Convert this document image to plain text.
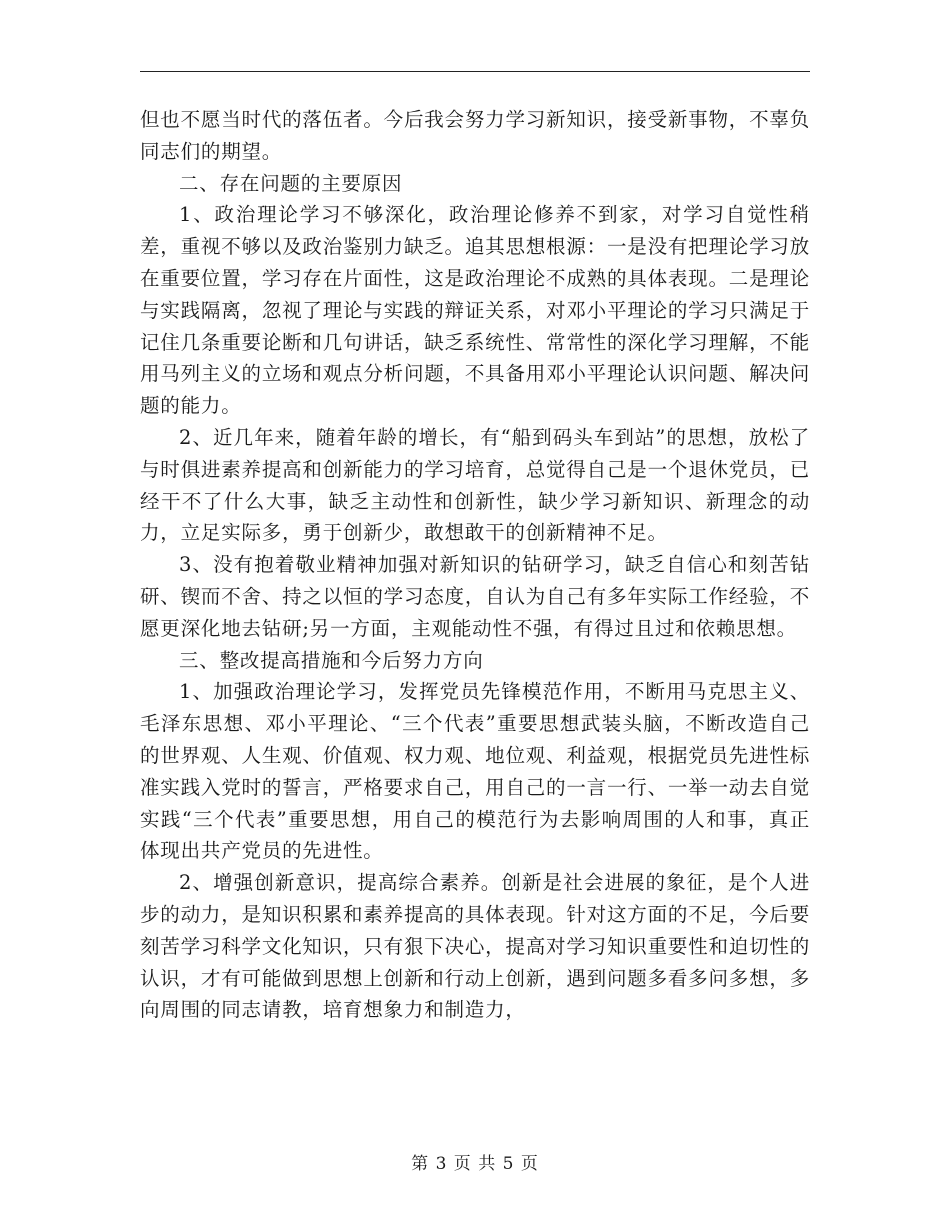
但也不愿当时代的落伍者。今后我会努力学习新知识，接受新事物，不辜负同志们的期望。

二、存在问题的主要原因

1、政治理论学习不够深化，政治理论修养不到家，对学习自觉性稍差，重视不够以及政治鉴别力缺乏。追其思想根源：一是没有把理论学习放在重要位置，学习存在片面性，这是政治理论不成熟的具体表现。二是理论与实践隔离，忽视了理论与实践的辩证关系，对邓小平理论的学习只满足于记住几条重要论断和几句讲话，缺乏系统性、常常性的深化学习理解，不能用马列主义的立场和观点分析问题，不具备用邓小平理论认识问题、解决问题的能力。

2、近几年来，随着年龄的增长，有“船到码头车到站”的思想，放松了与时俱进素养提高和创新能力的学习培育，总觉得自己是一个退休党员，已经干不了什么大事，缺乏主动性和创新性，缺少学习新知识、新理念的动力，立足实际多，勇于创新少，敢想敢干的创新精神不足。

3、没有抱着敬业精神加强对新知识的钻研学习，缺乏自信心和刻苦钻研、锲而不舍、持之以恒的学习态度，自认为自己有多年实际工作经验，不愿更深化地去钻研;另一方面，主观能动性不强，有得过且过和依赖思想。

三、整改提高措施和今后努力方向

1、加强政治理论学习，发挥党员先锋模范作用，不断用马克思主义、毛泽东思想、邓小平理论、“三个代表”重要思想武装头脑，不断改造自己的世界观、人生观、价值观、权力观、地位观、利益观，根据党员先进性标准实践入党时的誓言，严格要求自己，用自己的一言一行、一举一动去自觉实践“三个代表”重要思想，用自己的模范行为去影响周围的人和事，真正体现出共产党员的先进性。

2、增强创新意识，提高综合素养。创新是社会进展的象征，是个人进步的动力，是知识积累和素养提高的具体表现。针对这方面的不足，今后要刻苦学习科学文化知识，只有狠下决心，提高对学习知识重要性和迫切性的认识，才有可能做到思想上创新和行动上创新，遇到问题多看多问多想，多向周围的同志请教，培育想象力和制造力，

第 3 页 共 5 页
